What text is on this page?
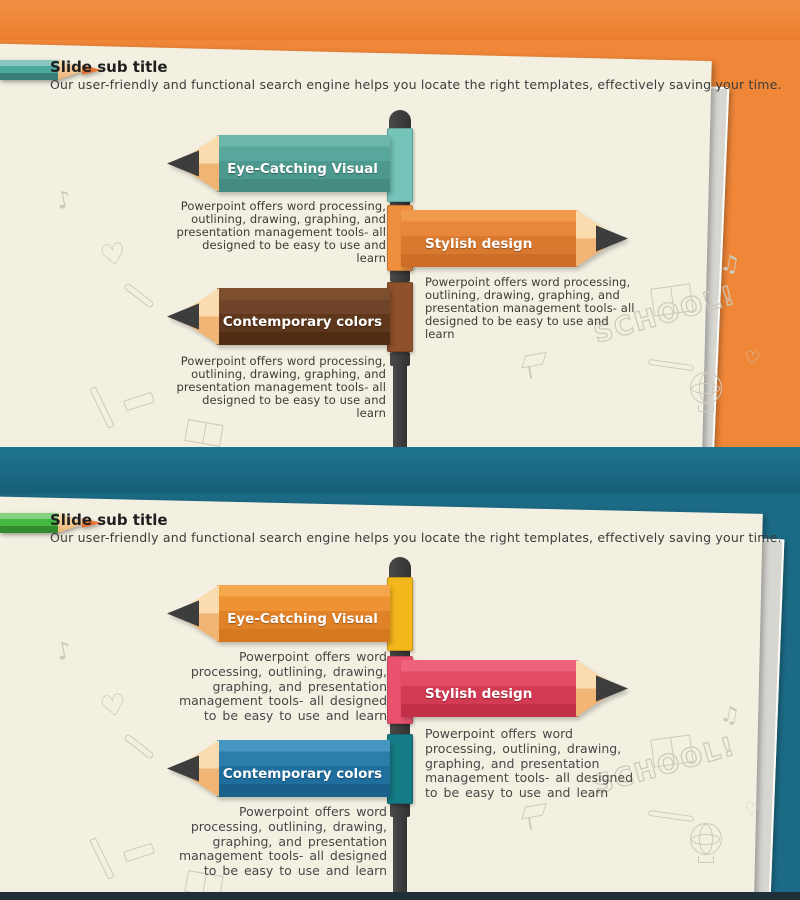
♪
♡	♫
SCHOOL!
♡
Slide sub title
Our user-friendly and functional search engine helps you locate the right templates, effectively saving your time.
Eye-Catching Visual
Powerpoint offers word processing, outlining, drawing, graphing, and presentation management tools- all designed to be easy to use and learn
Stylish design
Powerpoint offers word processing, outlining, drawing, graphing, and presentation management tools- all designed to be easy to use and learn
Contemporary colors
Powerpoint offers word processing, outlining, drawing, graphing, and presentation management tools- all designed to be easy to use and learn
♪
♡	♫
SCHOOL!
♡
Slide sub title
Our user-friendly and functional search engine helps you locate the right templates, effectively saving your time.
Eye-Catching Visual
Powerpoint offers word processing, outlining, drawing, graphing, and presentation management tools- all designed to be easy to use and learn
Stylish design
Powerpoint offers word processing, outlining, drawing, graphing, and presentation management tools- all designed to be easy to use and learn
Contemporary colors
Powerpoint offers word processing, outlining, drawing, graphing, and presentation management tools- all designed to be easy to use and learn
